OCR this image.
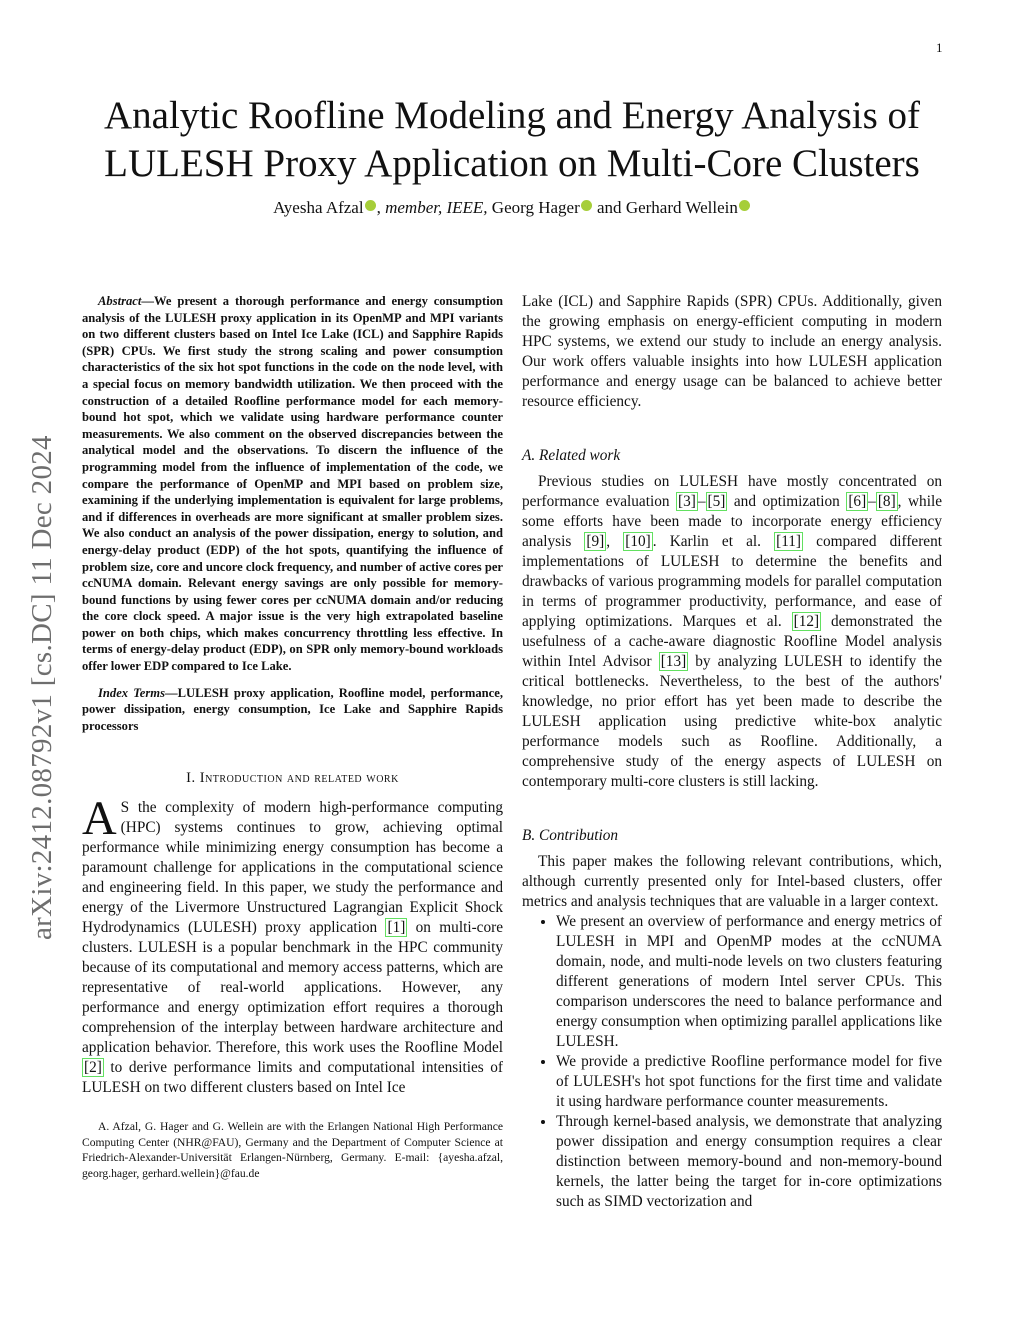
1
Analytic Roofline Modeling and Energy Analysis of LULESH Proxy Application on Multi-Core Clusters
Ayesha Afzal , member, IEEE, Georg Hager and Gerhard Wellein
arXiv:2412.08792v1 [cs.DC] 11 Dec 2024

Abstract—We present a thorough performance and energy consumption analysis of the LULESH proxy application in its OpenMP and MPI variants on two different clusters based on Intel Ice Lake (ICL) and Sapphire Rapids (SPR) CPUs. We first study the strong scaling and power consumption characteristics of the six hot spot functions in the code on the node level, with a special focus on memory bandwidth utilization. We then proceed with the construction of a detailed Roofline performance model for each memory-bound hot spot, which we validate using hardware performance counter measurements. We also comment on the observed discrepancies between the analytical model and the observations. To discern the influence of the programming model from the influence of implementation of the code, we compare the performance of OpenMP and MPI based on problem size, examining if the underlying implementation is equivalent for large problems, and if differences in overheads are more significant at smaller problem sizes. We also conduct an analysis of the power dissipation, energy to solution, and energy-delay product (EDP) of the hot spots, quantifying the influence of problem size, core and uncore clock frequency, and number of active cores per ccNUMA domain. Relevant energy savings are only possible for memory-bound functions by using fewer cores per ccNUMA domain and/or reducing the core clock speed. A major issue is the very high extrapolated baseline power on both chips, which makes concurrency throttling less effective. In terms of energy-delay product (EDP), on SPR only memory-bound workloads offer lower EDP compared to Ice Lake.

Index Terms—LULESH proxy application, Roofline model, performance, power dissipation, energy consumption, Ice Lake and Sapphire Rapids processors

I. Introduction and related work

A S the complexity of modern high-performance computing (HPC) systems continues to grow, achieving optimal performance while minimizing energy consumption has become a paramount challenge for applications in the computational science and engineering field. In this paper, we study the performance and energy of the Livermore Unstructured Lagrangian Explicit Shock Hydrodynamics (LULESH) proxy application [1] on multi-core clusters. LULESH is a popular benchmark in the HPC community because of its computational and memory access patterns, which are representative of real-world applications. However, any performance and energy optimization effort requires a thorough comprehension of the interplay between hardware architecture and application behavior. Therefore, this work uses the Roofline Model [2] to derive performance limits and computational intensities of LULESH on two different clusters based on Intel Ice

A. Afzal, G. Hager and G. Wellein are with the Erlangen National High Performance Computing Center (NHR@FAU), Germany and the Department of Computer Science at Friedrich-Alexander-Universität Erlangen-Nürnberg, Germany. E-mail: {ayesha.afzal, georg.hager, gerhard.wellein}@fau.de

Lake (ICL) and Sapphire Rapids (SPR) CPUs. Additionally, given the growing emphasis on energy-efficient computing in modern HPC systems, we extend our study to include an energy analysis. Our work offers valuable insights into how LULESH application performance and energy usage can be balanced to achieve better resource efficiency.

A. Related work

Previous studies on LULESH have mostly concentrated on performance evaluation [3] – [5] and optimization [6] – [8] , while some efforts have been made to incorporate energy efficiency analysis [9] , [10] . Karlin et al. [11] compared different implementations of LULESH to determine the benefits and drawbacks of various programming models for parallel computation in terms of programmer productivity, performance, and ease of applying optimizations. Marques et al. [12] demonstrated the usefulness of a cache-aware diagnostic Roofline Model analysis within Intel Advisor [13] by analyzing LULESH to identify the critical bottlenecks. Nevertheless, to the best of the authors' knowledge, no prior effort has yet been made to describe the LULESH application using predictive white-box analytic performance models such as Roofline. Additionally, a comprehensive study of the energy aspects of LULESH on contemporary multi-core clusters is still lacking.

B. Contribution

This paper makes the following relevant contributions, which, although currently presented only for Intel-based clusters, offer metrics and analysis techniques that are valuable in a larger context.

• We present an overview of performance and energy metrics of LULESH in MPI and OpenMP modes at the ccNUMA domain, node, and multi-node levels on two clusters featuring different generations of modern Intel server CPUs. This comparison underscores the need to balance performance and energy consumption when optimizing parallel applications like LULESH.
• We provide a predictive Roofline performance model for five of LULESH's hot spot functions for the first time and validate it using hardware performance counter measurements.
• Through kernel-based analysis, we demonstrate that analyzing power dissipation and energy consumption requires a clear distinction between memory-bound and non-memory-bound kernels, the latter being the target for in-core optimizations such as SIMD vectorization and
